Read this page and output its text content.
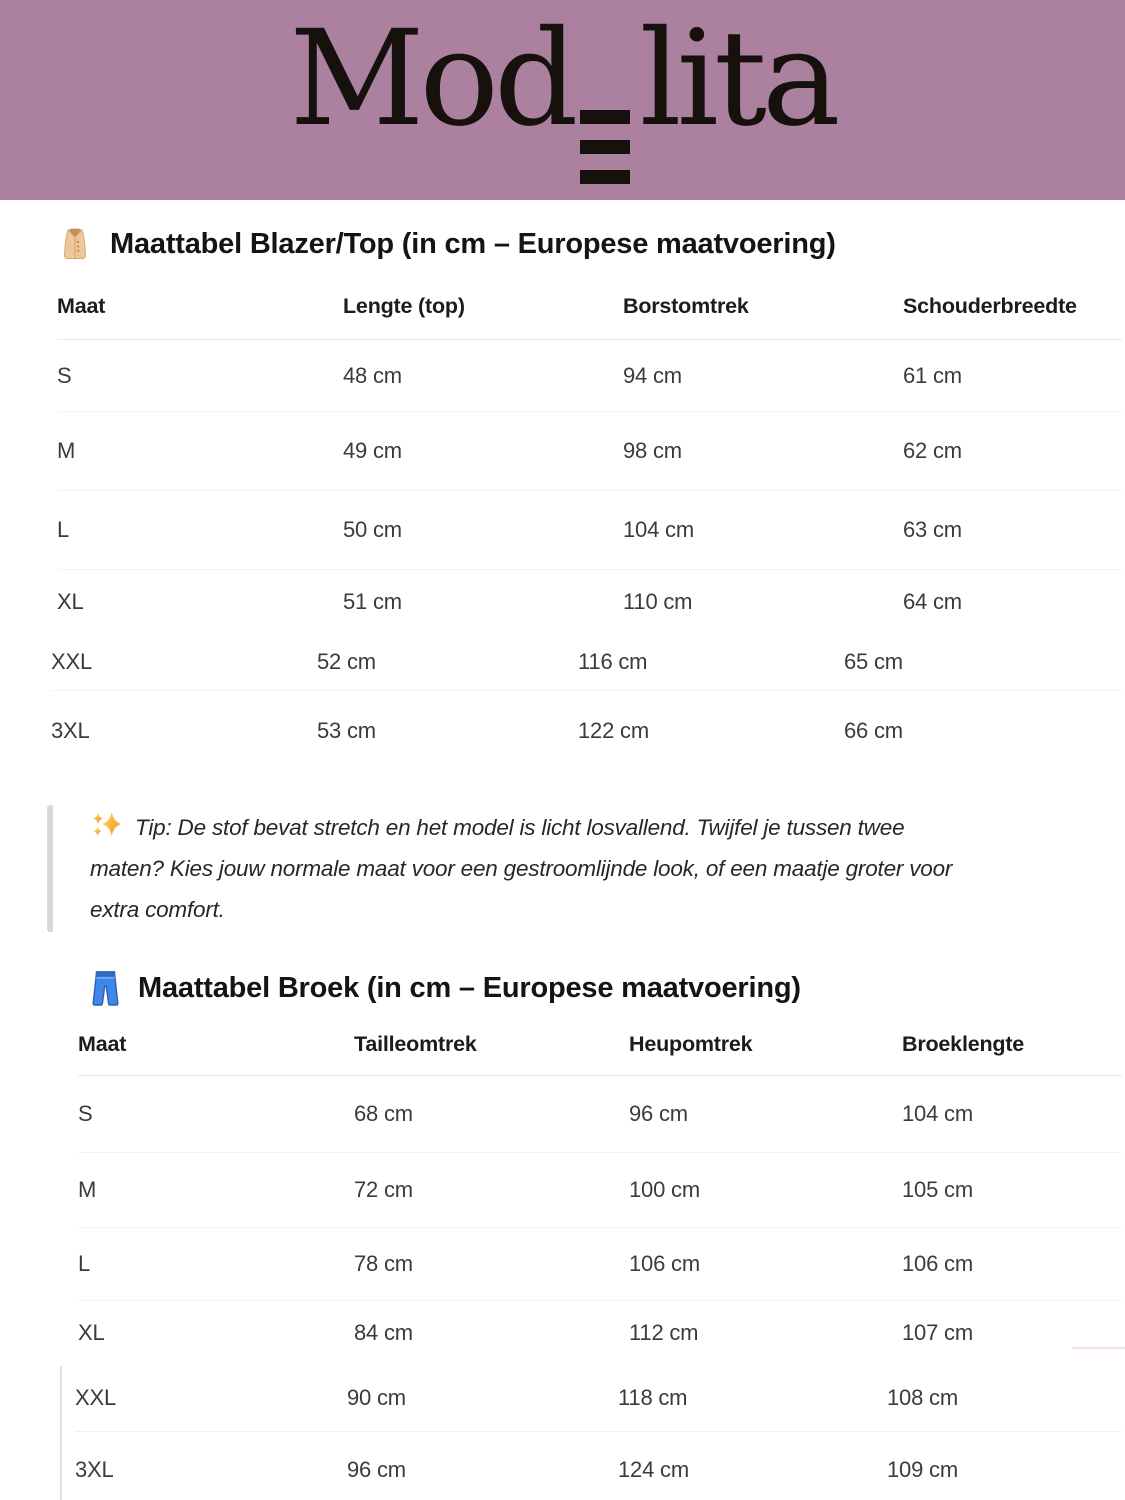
Mod lita
Maattabel Blazer/Top (in cm – Europese maatvoering)
Maat	Lengte (top)	Borstomtrek	Schouderbreedte
S	48 cm	94 cm	61 cm
M	49 cm	98 cm	62 cm
L	50 cm	104 cm	63 cm
XL	51 cm	110 cm	64 cm
XXL	52 cm	116 cm	65 cm
3XL	53 cm	122 cm	66 cm
Tip: De stof bevat stretch en het model is licht losvallend. Twijfel je tussen twee
maten? Kies jouw normale maat voor een gestroomlijnde look, of een maatje groter voor
extra comfort.
Maattabel Broek (in cm – Europese maatvoering)
Maat	Tailleomtrek	Heupomtrek	Broeklengte
S	68 cm	96 cm	104 cm
M	72 cm	100 cm	105 cm
L	78 cm	106 cm	106 cm
XL	84 cm	112 cm	107 cm
XXL	90 cm	118 cm	108 cm
3XL	96 cm	124 cm	109 cm
